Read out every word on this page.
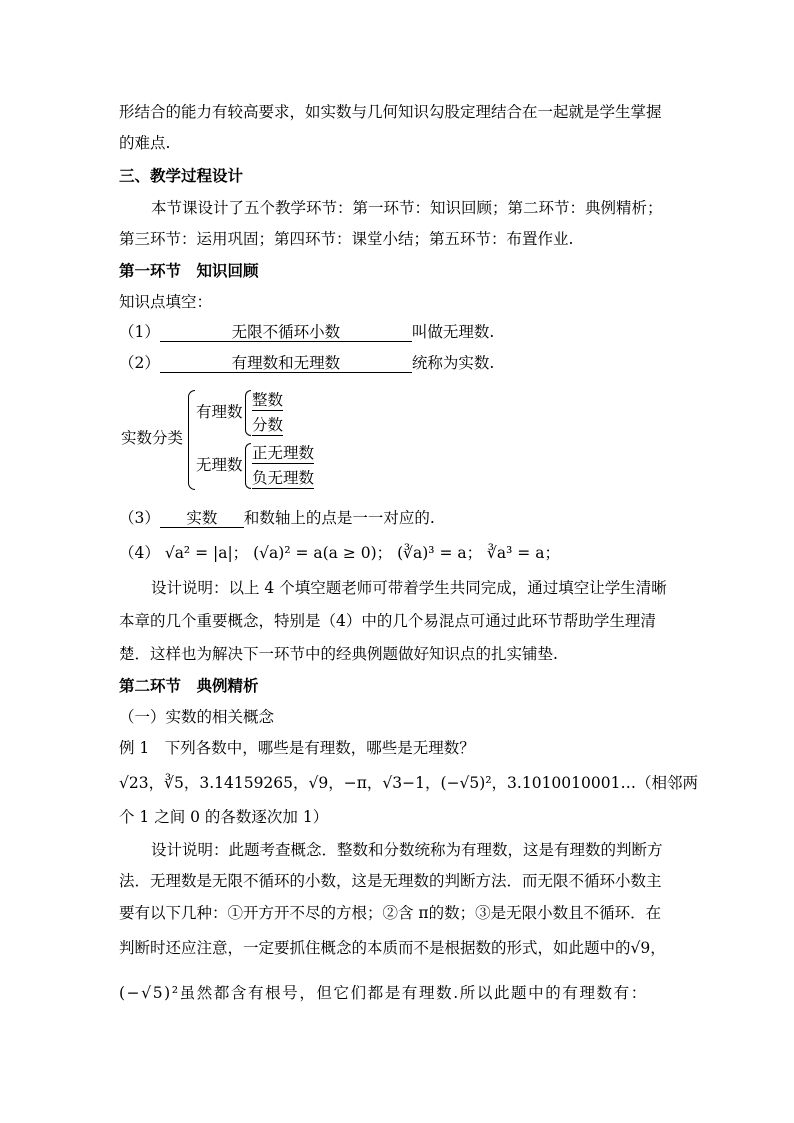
形结合的能力有较高要求，如实数与几何知识勾股定理结合在一起就是学生掌握
的难点.
三、教学过程设计
本节课设计了五个教学环节：第一环节：知识回顾；第二环节：典例精析；
第三环节：运用巩固；第四环节：课堂小结；第五环节：布置作业.
第一环节　知识回顾
知识点填空：
（1）	无限不循环小数	叫做无理数.
（2）	有理数和无理数	统称为实数.
实数分类
有理数
整数
分数
无理数
正无理数
负无理数
（3） 实数 和数轴上的点是一一对应的.
（4） √a² = |a|； (√a)² = a(a ≥ 0)； (∛a)³ = a； ∛a³ = a；
设计说明：以上 4 个填空题老师可带着学生共同完成，通过填空让学生清晰
本章的几个重要概念，特别是（4）中的几个易混点可通过此环节帮助学生理清
楚．这样也为解决下一环节中的经典例题做好知识点的扎实铺垫.
第二环节　典例精析
（一）实数的相关概念
例 1　下列各数中，哪些是有理数，哪些是无理数？
√23，∛5，3.14159265，√9，−π，√3−1，(−√5)²，3.1010010001…（相邻两
个 1 之间 0 的各数逐次加 1）
设计说明：此题考查概念．整数和分数统称为有理数，这是有理数的判断方
法．无理数是无限不循环的小数，这是无理数的判断方法．而无限不循环小数主
要有以下几种：①开方开不尽的方根；②含 π的数；③是无限小数且不循环．在
判断时还应注意，一定要抓住概念的本质而不是根据数的形式，如此题中的√9，
(−√5)²虽然都含有根号，但它们都是有理数.所以此题中的有理数有：
